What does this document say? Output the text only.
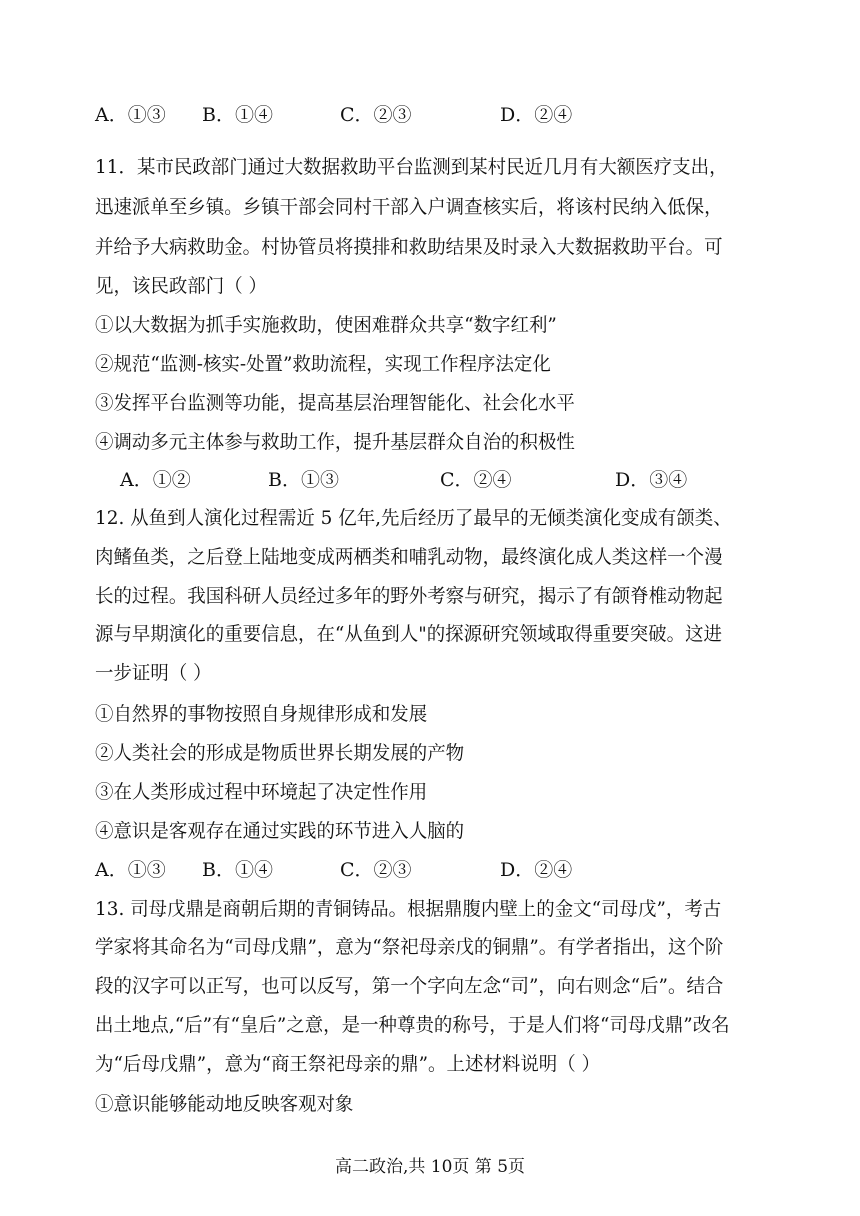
A．①③ B．①④	C．②③	D．②④
11．某市民政部门通过大数据救助平台监测到某村民近几月有大额医疗支出，
迅速派单至乡镇。乡镇干部会同村干部入户调查核实后，将该村民纳入低保，
并给予大病救助金。村协管员将摸排和救助结果及时录入大数据救助平台。可
见，该民政部门（ ）
①以大数据为抓手实施救助，使困难群众共享“数字红利”
②规范“监测-核实-处置”救助流程，实现工作程序法定化
③发挥平台监测等功能，提高基层治理智能化、社会化水平
④调动多元主体参与救助工作，提升基层群众自治的积极性
A．①②	B．①③	C．②④	D．③④
12. 从鱼到人演化过程需近 5 亿年,先后经历了最早的无倾类演化变成有颌类、
肉鳍鱼类，之后登上陆地变成两栖类和哺乳动物，最终演化成人类这样一个漫
长的过程。我国科研人员经过多年的野外考察与研究，揭示了有颌脊椎动物起
源与早期演化的重要信息，在“从鱼到人"的探源研究领域取得重要突破。这进
一步证明（ ）
①自然界的事物按照自身规律形成和发展
②人类社会的形成是物质世界长期发展的产物
③在人类形成过程中环境起了决定性作用
④意识是客观存在通过实践的环节进入人脑的
A．①③ B．①④	C．②③	D．②④
13. 司母戊鼎是商朝后期的青铜铸品。根据鼎腹内壁上的金文“司母戊”，考古
学家将其命名为“司母戊鼎”，意为“祭祀母亲戊的铜鼎”。有学者指出，这个阶
段的汉字可以正写，也可以反写，第一个字向左念“司”，向右则念“后”。结合
出土地点,“后”有“皇后”之意，是一种尊贵的称号，于是人们将“司母戊鼎”改名
为“后母戊鼎”，意为“商王祭祀母亲的鼎”。上述材料说明（ ）
①意识能够能动地反映客观对象
高二政治,共 10页 第 5页
